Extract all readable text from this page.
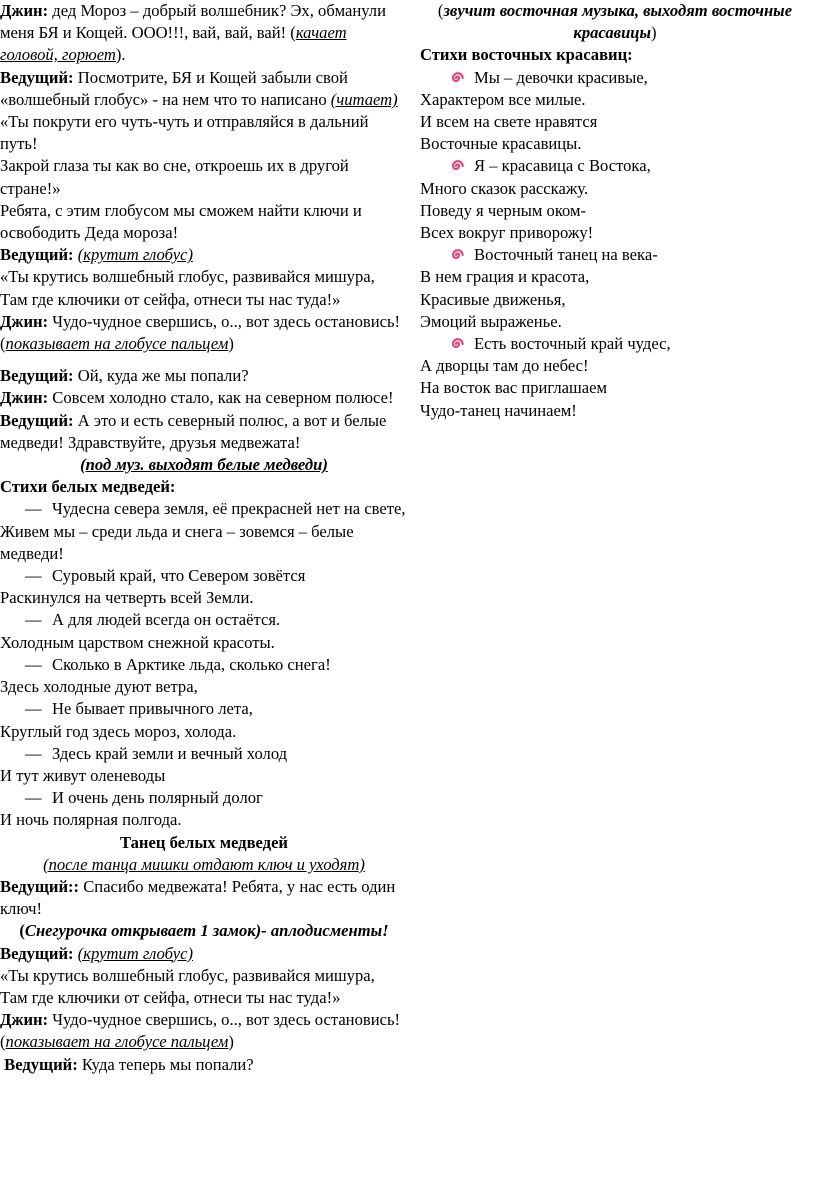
Джин: дед Мороз – добрый волшебник? Эх, обманули меня БЯ и Кощей. ООО!!!, вай, вай, вай! (качает головой, горюет).

Ведущий: Посмотрите, БЯ и Кощей забыли свой «волшебный глобус» - на нем что то написано (читает)

«Ты покрути его чуть-чуть и отправляйся в дальний путь!

Закрой глаза ты как во сне, откроешь их в другой стране!»

Ребята, с этим глобусом мы сможем найти ключи и освободить Деда мороза!

Ведущий: (крутит глобус)

«Ты крутись волшебный глобус, развивайся мишура,

Там где ключики от сейфа, отнеси ты нас туда!»

Джин: Чудо-чудное свершись, о.., вот здесь остановись! (показывает на глобусе пальцем)

Ведущий: Ой, куда же мы попали?

Джин: Совсем холодно стало, как на северном полюсе!

Ведущий: А это и есть северный полюс, а вот и белые медведи! Здравствуйте, друзья медвежата!

(под муз. выходят белые медведи)

Стихи белых медведей:

— Чудесна севера земля, её прекрасней нет на свете,

Живем мы – среди льда и снега – зовемся – белые медведи!

— Суровый край, что Севером зовётся

Раскинулся на четверть всей Земли.

— А для людей всегда он остаётся.

Холодным царством снежной красоты.

— Сколько в Арктике льда, сколько снега!

Здесь холодные дуют ветра,

— Не бывает привычного лета,

Круглый год здесь мороз, холода.

— Здесь край земли и вечный холод

И тут живут оленеводы

— И очень день полярный долог

И ночь полярная полгода.

Танец белых медведей

(после танца мишки отдают ключ и уходят)

Ведущий:: Спасибо медвежата! Ребята, у нас есть один ключ!

(Снегурочка открывает 1 замок)- аплодисменты!

Ведущий: (крутит глобус)

«Ты крутись волшебный глобус, развивайся мишура,

Там где ключики от сейфа, отнеси ты нас туда!»

Джин: Чудо-чудное свершись, о.., вот здесь остановись! (показывает на глобусе пальцем)

Ведущий: Куда теперь мы попали?

(звучит восточная музыка, выходят восточные красавицы)

Стихи восточных красавиц:

Мы – девочки красивые,

Характером все милые.

И всем на свете нравятся

Восточные красавицы.

Я – красавица с Востока,

Много сказок расскажу.

Поведу я черным оком-

Всех вокруг приворожу!

Восточный танец на века-

В нем грация и красота,

Красивые движенья,

Эмоций выраженье.

Есть восточный край чудес,

А дворцы там до небес!

На восток вас приглашаем

Чудо-танец начинаем!
